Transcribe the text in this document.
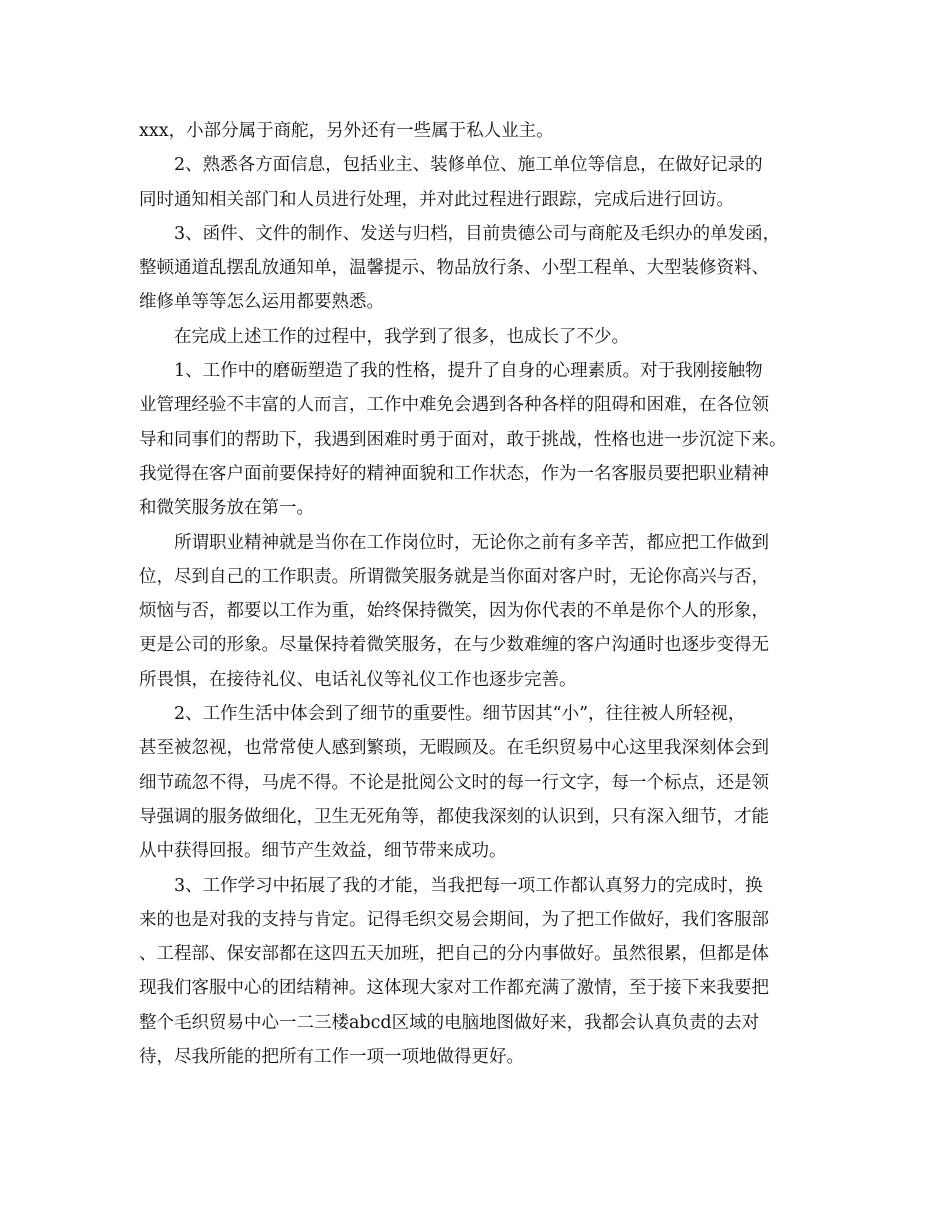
xxx，小部分属于商舵，另外还有一些属于私人业主。
2、熟悉各方面信息，包括业主、装修单位、施工单位等信息，在做好记录的
同时通知相关部门和人员进行处理，并对此过程进行跟踪，完成后进行回访。
3、函件、文件的制作、发送与归档，目前贵德公司与商舵及毛织办的单发函，
整顿通道乱摆乱放通知单，温馨提示、物品放行条、小型工程单、大型装修资料、
维修单等等怎么运用都要熟悉。
在完成上述工作的过程中，我学到了很多，也成长了不少。
1、工作中的磨砺塑造了我的性格，提升了自身的心理素质。对于我刚接触物
业管理经验不丰富的人而言，工作中难免会遇到各种各样的阻碍和困难，在各位领
导和同事们的帮助下，我遇到困难时勇于面对，敢于挑战，性格也进一步沉淀下来。
我觉得在客户面前要保持好的精神面貌和工作状态，作为一名客服员要把职业精神
和微笑服务放在第一。
所谓职业精神就是当你在工作岗位时，无论你之前有多辛苦，都应把工作做到
位，尽到自己的工作职责。所谓微笑服务就是当你面对客户时，无论你高兴与否，
烦恼与否，都要以工作为重，始终保持微笑，因为你代表的不单是你个人的形象，
更是公司的形象。尽量保持着微笑服务，在与少数难缠的客户沟通时也逐步变得无
所畏惧，在接待礼仪、电话礼仪等礼仪工作也逐步完善。
2、工作生活中体会到了细节的重要性。细节因其“小”，往往被人所轻视，
甚至被忽视，也常常使人感到繁琐，无暇顾及。在毛织贸易中心这里我深刻体会到
细节疏忽不得，马虎不得。不论是批阅公文时的每一行文字，每一个标点，还是领
导强调的服务做细化，卫生无死角等，都使我深刻的认识到，只有深入细节，才能
从中获得回报。细节产生效益，细节带来成功。
3、工作学习中拓展了我的才能，当我把每一项工作都认真努力的完成时，换
来的也是对我的支持与肯定。记得毛织交易会期间，为了把工作做好，我们客服部
、工程部、保安部都在这四五天加班，把自己的分内事做好。虽然很累，但都是体
现我们客服中心的团结精神。这体现大家对工作都充满了激情，至于接下来我要把
整个毛织贸易中心一二三楼abcd区域的电脑地图做好来，我都会认真负责的去对
待，尽我所能的把所有工作一项一项地做得更好。
